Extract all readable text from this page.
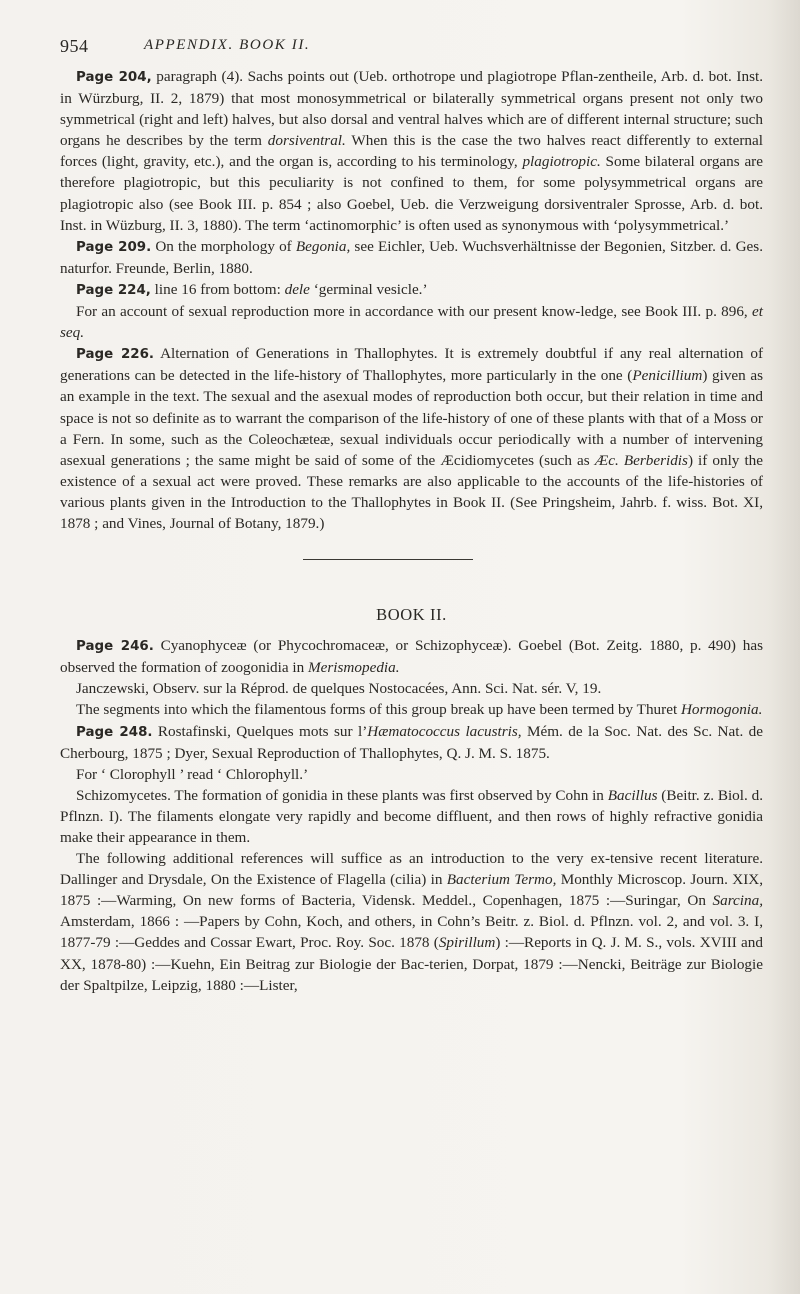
954	APPENDIX. BOOK II.

Page 204, paragraph (4). Sachs points out (Ueb. orthotrope und plagiotrope Pflan-zentheile, Arb. d. bot. Inst. in Würzburg, II. 2, 1879) that most monosymmetrical or bilaterally symmetrical organs present not only two symmetrical (right and left) halves, but also dorsal and ventral halves which are of different internal structure; such organs he describes by the term dorsiventral. When this is the case the two halves react differently to external forces (light, gravity, etc.), and the organ is, according to his terminology, plagiotropic. Some bilateral organs are therefore plagiotropic, but this peculiarity is not confined to them, for some polysymmetrical organs are plagiotropic also (see Book III. p. 854 ; also Goebel, Ueb. die Verzweigung dorsiventraler Sprosse, Arb. d. bot. Inst. in Wüzburg, II. 3, 1880). The term ‘actinomorphic’ is often used as synonymous with ‘polysymmetrical.’

Page 209. On the morphology of Begonia, see Eichler, Ueb. Wuchsverhältnisse der Begonien, Sitzber. d. Ges. naturfor. Freunde, Berlin, 1880.

Page 224, line 16 from bottom: dele ‘germinal vesicle.’

For an account of sexual reproduction more in accordance with our present know-ledge, see Book III. p. 896, et seq.

Page 226. Alternation of Generations in Thallophytes. It is extremely doubtful if any real alternation of generations can be detected in the life-history of Thallophytes, more particularly in the one (Penicillium) given as an example in the text. The sexual and the asexual modes of reproduction both occur, but their relation in time and space is not so definite as to warrant the comparison of the life-history of one of these plants with that of a Moss or a Fern. In some, such as the Coleochæteæ, sexual individuals occur periodically with a number of intervening asexual generations ; the same might be said of some of the Æcidiomycetes (such as Æc. Berberidis) if only the existence of a sexual act were proved. These remarks are also applicable to the accounts of the life-histories of various plants given in the Introduction to the Thallophytes in Book II. (See Pringsheim, Jahrb. f. wiss. Bot. XI, 1878 ; and Vines, Journal of Botany, 1879.)

BOOK II.

Page 246. Cyanophyceæ (or Phycochromaceæ, or Schizophyceæ). Goebel (Bot. Zeitg. 1880, p. 490) has observed the formation of zoogonidia in Merismopedia.

Janczewski, Observ. sur la Réprod. de quelques Nostocacées, Ann. Sci. Nat. sér. V, 19.

The segments into which the filamentous forms of this group break up have been termed by Thuret Hormogonia.

Page 248. Rostafinski, Quelques mots sur l’Hæmatococcus lacustris, Mém. de la Soc. Nat. des Sc. Nat. de Cherbourg, 1875 ; Dyer, Sexual Reproduction of Thallophytes, Q. J. M. S. 1875.

For ‘ Clorophyll ’ read ‘ Chlorophyll.’

Schizomycetes. The formation of gonidia in these plants was first observed by Cohn in Bacillus (Beitr. z. Biol. d. Pflnzn. I). The filaments elongate very rapidly and become diffluent, and then rows of highly refractive gonidia make their appearance in them.

The following additional references will suffice as an introduction to the very ex-tensive recent literature. Dallinger and Drysdale, On the Existence of Flagella (cilia) in Bacterium Termo, Monthly Microscop. Journ. XIX, 1875 :—Warming, On new forms of Bacteria, Vidensk. Meddel., Copenhagen, 1875 :—Suringar, On Sarcina, Amsterdam, 1866 : —Papers by Cohn, Koch, and others, in Cohn’s Beitr. z. Biol. d. Pflnzn. vol. 2, and vol. 3. I, 1877-79 :—Geddes and Cossar Ewart, Proc. Roy. Soc. 1878 (Spirillum) :—Reports in Q. J. M. S., vols. XVIII and XX, 1878-80) :—Kuehn, Ein Beitrag zur Biologie der Bac-terien, Dorpat, 1879 :—Nencki, Beiträge zur Biologie der Spaltpilze, Leipzig, 1880 :—Lister,
